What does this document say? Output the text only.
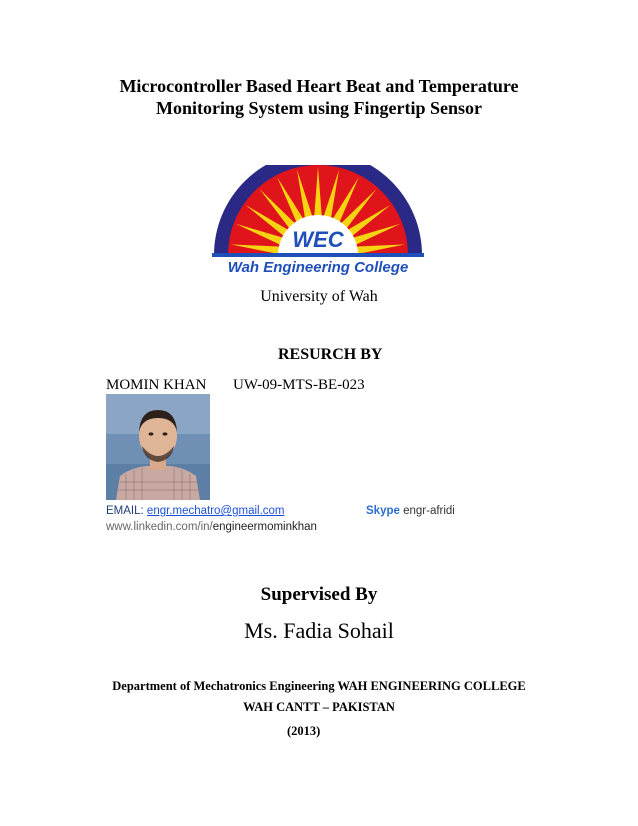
Microcontroller Based Heart Beat and Temperature
Monitoring System using Fingertip Sensor
WEC
Wah Engineering College
University of Wah
RESURCH BY
MOMIN KHAN UW-09-MTS-BE-023
EMAIL: engr.mechatro@gmail.com	Skype engr-afridi
www.linkedin.com/in/engineermominkhan
Supervised By
Ms. Fadia Sohail
Department of Mechatronics Engineering WAH ENGINEERING COLLEGE
WAH CANTT – PAKISTAN
(2013)
